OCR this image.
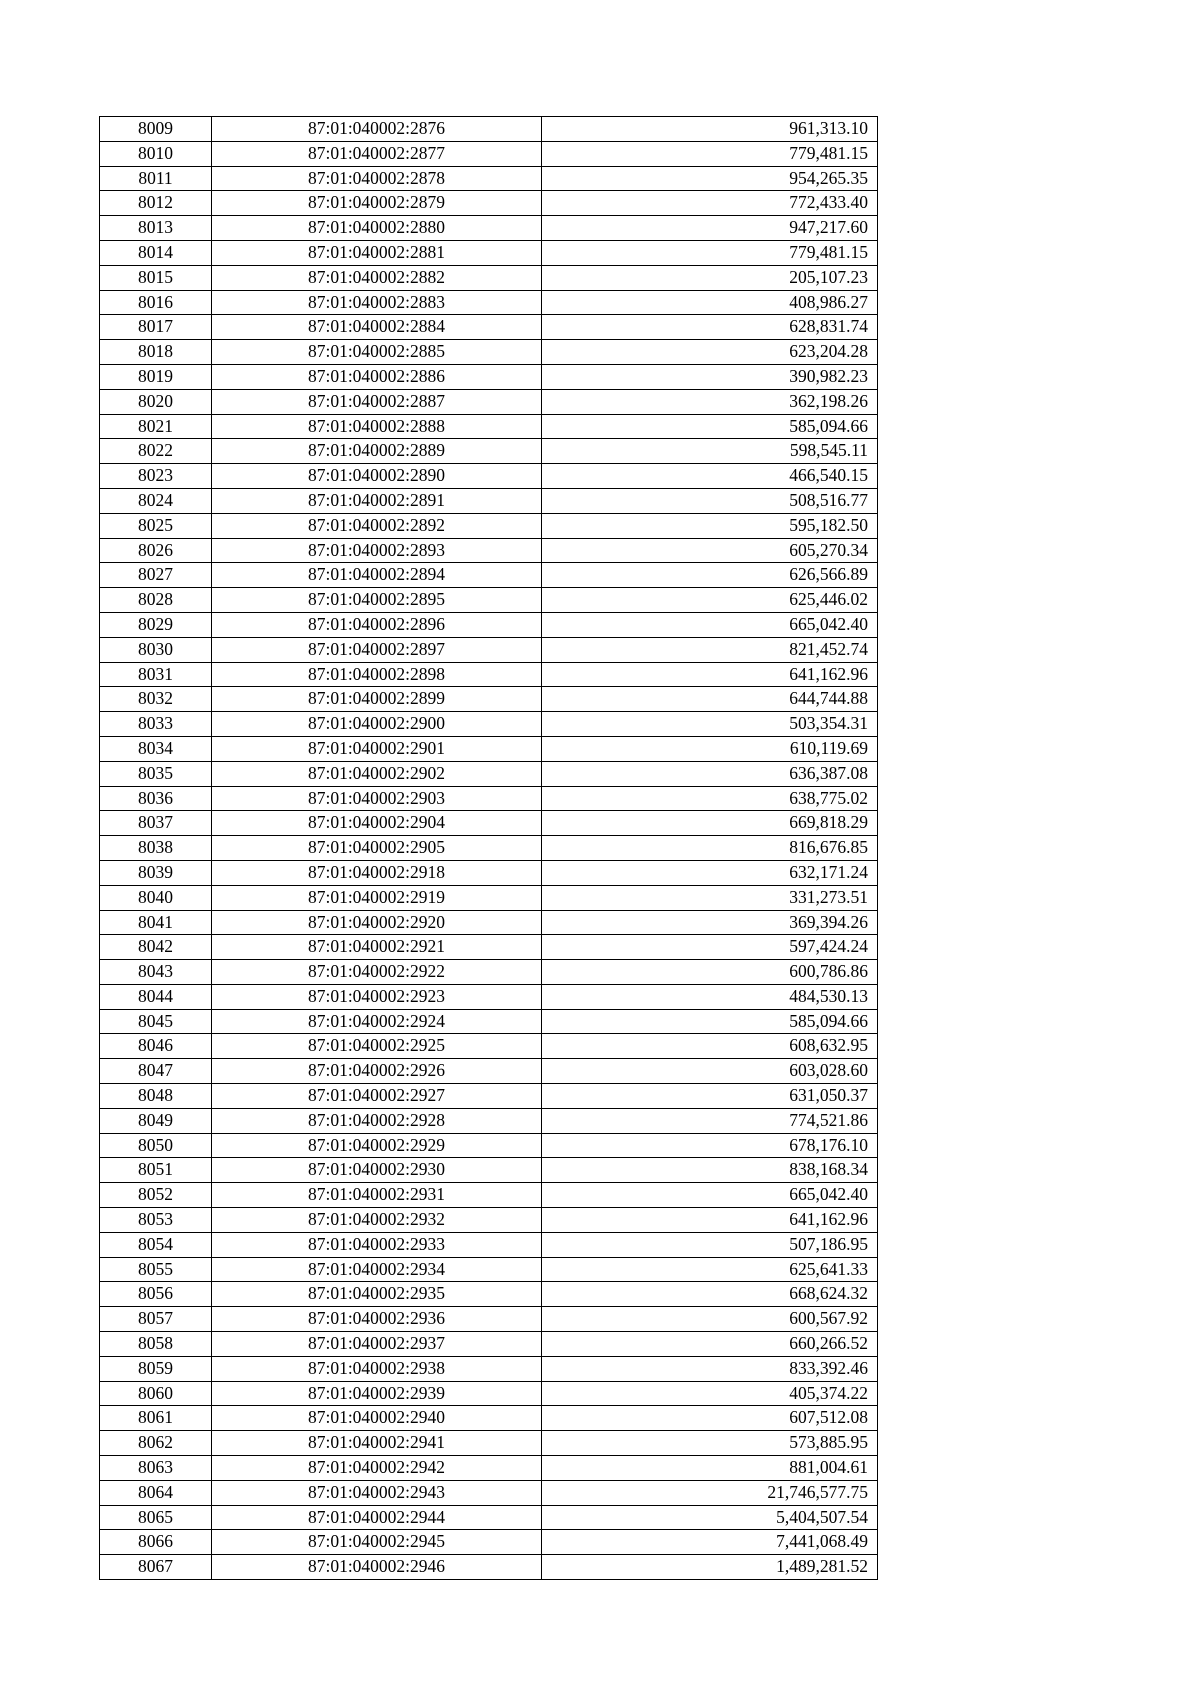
8009	87:01:040002:2876	961,313.10
8010	87:01:040002:2877	779,481.15
8011	87:01:040002:2878	954,265.35
8012	87:01:040002:2879	772,433.40
8013	87:01:040002:2880	947,217.60
8014	87:01:040002:2881	779,481.15
8015	87:01:040002:2882	205,107.23
8016	87:01:040002:2883	408,986.27
8017	87:01:040002:2884	628,831.74
8018	87:01:040002:2885	623,204.28
8019	87:01:040002:2886	390,982.23
8020	87:01:040002:2887	362,198.26
8021	87:01:040002:2888	585,094.66
8022	87:01:040002:2889	598,545.11
8023	87:01:040002:2890	466,540.15
8024	87:01:040002:2891	508,516.77
8025	87:01:040002:2892	595,182.50
8026	87:01:040002:2893	605,270.34
8027	87:01:040002:2894	626,566.89
8028	87:01:040002:2895	625,446.02
8029	87:01:040002:2896	665,042.40
8030	87:01:040002:2897	821,452.74
8031	87:01:040002:2898	641,162.96
8032	87:01:040002:2899	644,744.88
8033	87:01:040002:2900	503,354.31
8034	87:01:040002:2901	610,119.69
8035	87:01:040002:2902	636,387.08
8036	87:01:040002:2903	638,775.02
8037	87:01:040002:2904	669,818.29
8038	87:01:040002:2905	816,676.85
8039	87:01:040002:2918	632,171.24
8040	87:01:040002:2919	331,273.51
8041	87:01:040002:2920	369,394.26
8042	87:01:040002:2921	597,424.24
8043	87:01:040002:2922	600,786.86
8044	87:01:040002:2923	484,530.13
8045	87:01:040002:2924	585,094.66
8046	87:01:040002:2925	608,632.95
8047	87:01:040002:2926	603,028.60
8048	87:01:040002:2927	631,050.37
8049	87:01:040002:2928	774,521.86
8050	87:01:040002:2929	678,176.10
8051	87:01:040002:2930	838,168.34
8052	87:01:040002:2931	665,042.40
8053	87:01:040002:2932	641,162.96
8054	87:01:040002:2933	507,186.95
8055	87:01:040002:2934	625,641.33
8056	87:01:040002:2935	668,624.32
8057	87:01:040002:2936	600,567.92
8058	87:01:040002:2937	660,266.52
8059	87:01:040002:2938	833,392.46
8060	87:01:040002:2939	405,374.22
8061	87:01:040002:2940	607,512.08
8062	87:01:040002:2941	573,885.95
8063	87:01:040002:2942	881,004.61
8064	87:01:040002:2943	21,746,577.75
8065	87:01:040002:2944	5,404,507.54
8066	87:01:040002:2945	7,441,068.49
8067	87:01:040002:2946	1,489,281.52
